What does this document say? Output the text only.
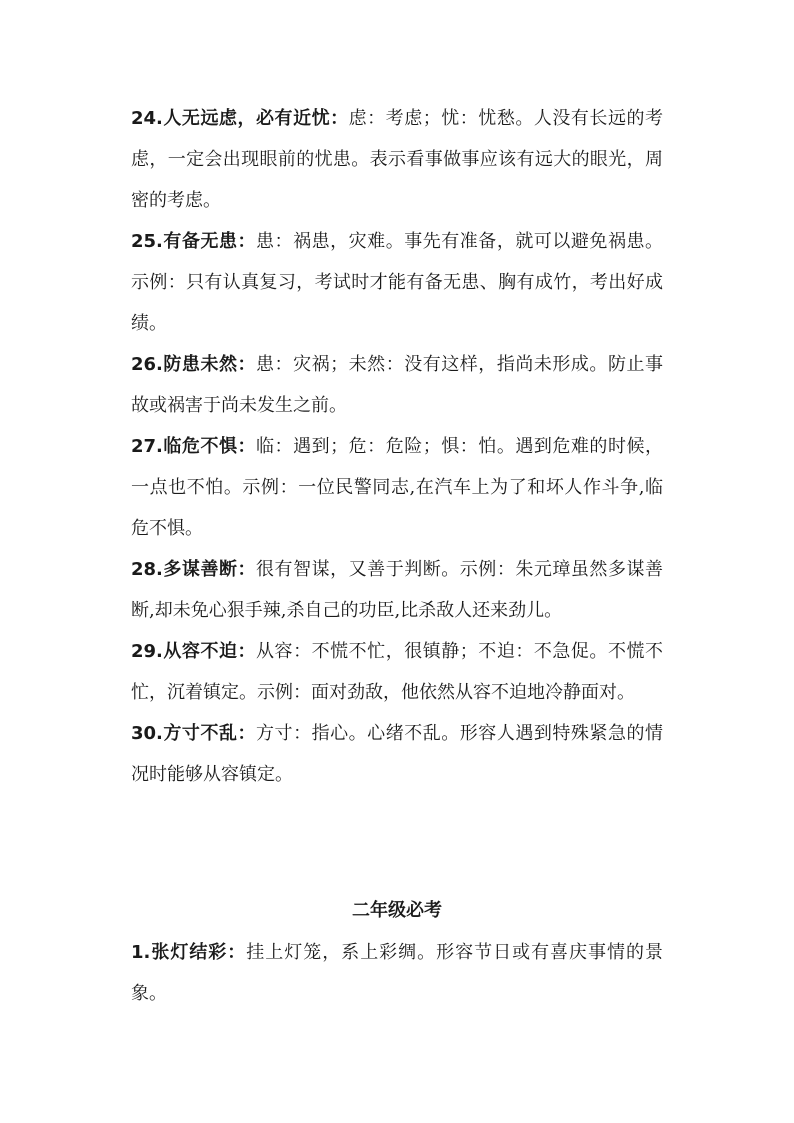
24.人无远虑，必有近忧：虑：考虑；忧：忧愁。人没有长远的考虑，一定会出现眼前的忧患。表示看事做事应该有远大的眼光，周密的考虑。

25.有备无患：患：祸患，灾难。事先有准备，就可以避免祸患。示例：只有认真复习，考试时才能有备无患、胸有成竹，考出好成绩。

26.防患未然：患：灾祸；未然：没有这样，指尚未形成。防止事故或祸害于尚未发生之前。

27.临危不惧：临：遇到；危：危险；惧：怕。遇到危难的时候，一点也不怕。示例：一位民警同志,在汽车上为了和坏人作斗争,临危不惧。

28.多谋善断：很有智谋，又善于判断。示例：朱元璋虽然多谋善断,却未免心狠手辣,杀自己的功臣,比杀敌人还来劲儿。

29.从容不迫：从容：不慌不忙，很镇静；不迫：不急促。不慌不忙，沉着镇定。示例：面对劲敌，他依然从容不迫地冷静面对。

30.方寸不乱：方寸：指心。心绪不乱。形容人遇到特殊紧急的情况时能够从容镇定。

二年级必考

1.张灯结彩：挂上灯笼，系上彩绸。形容节日或有喜庆事情的景象。
